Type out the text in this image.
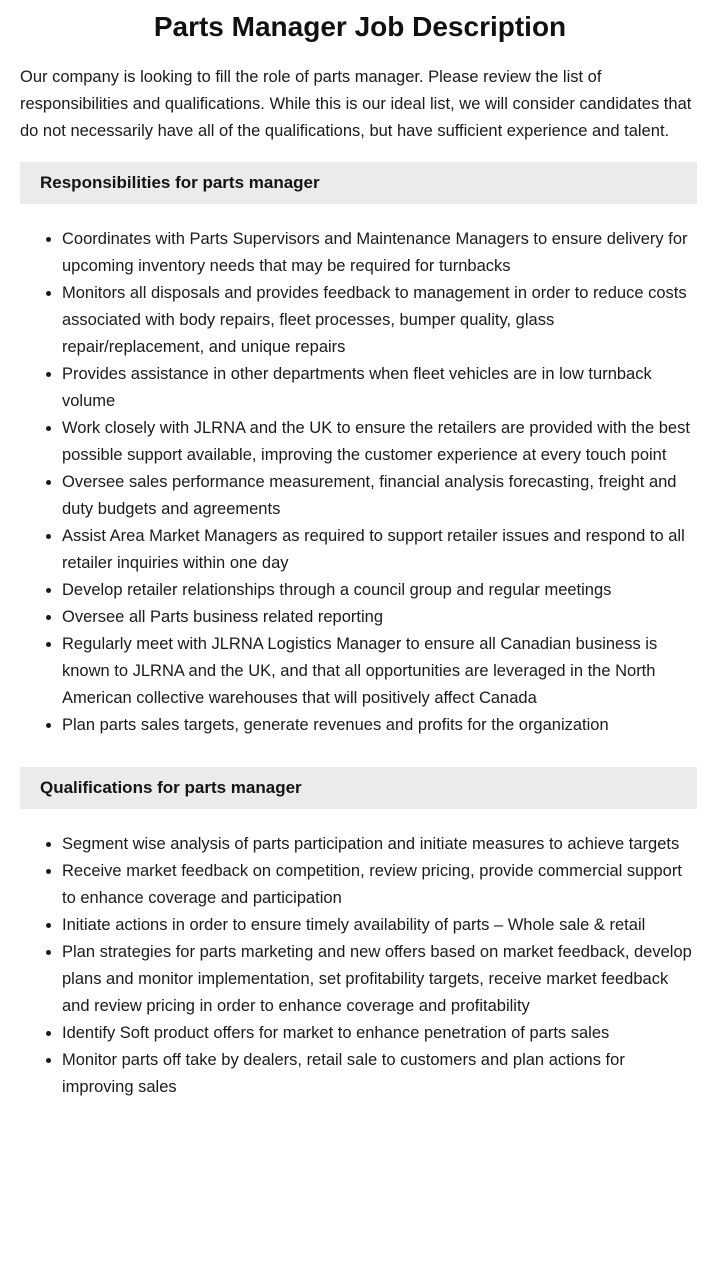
Parts Manager Job Description

Our company is looking to fill the role of parts manager. Please review the list of responsibilities and qualifications. While this is our ideal list, we will consider candidates that do not necessarily have all of the qualifications, but have sufficient experience and talent.

Responsibilities for parts manager
• Coordinates with Parts Supervisors and Maintenance Managers to ensure delivery for upcoming inventory needs that may be required for turnbacks
• Monitors all disposals and provides feedback to management in order to reduce costs associated with body repairs, fleet processes, bumper quality, glass repair/replacement, and unique repairs
• Provides assistance in other departments when fleet vehicles are in low turnback volume
• Work closely with JLRNA and the UK to ensure the retailers are provided with the best possible support available, improving the customer experience at every touch point
• Oversee sales performance measurement, financial analysis forecasting, freight and duty budgets and agreements
• Assist Area Market Managers as required to support retailer issues and respond to all retailer inquiries within one day
• Develop retailer relationships through a council group and regular meetings
• Oversee all Parts business related reporting
• Regularly meet with JLRNA Logistics Manager to ensure all Canadian business is known to JLRNA and the UK, and that all opportunities are leveraged in the North American collective warehouses that will positively affect Canada
• Plan parts sales targets, generate revenues and profits for the organization
Qualifications for parts manager
• Segment wise analysis of parts participation and initiate measures to achieve targets
• Receive market feedback on competition, review pricing, provide commercial support to enhance coverage and participation
• Initiate actions in order to ensure timely availability of parts – Whole sale & retail
• Plan strategies for parts marketing and new offers based on market feedback, develop plans and monitor implementation, set profitability targets, receive market feedback and review pricing in order to enhance coverage and profitability
• Identify Soft product offers for market to enhance penetration of parts sales
• Monitor parts off take by dealers, retail sale to customers and plan actions for improving sales
